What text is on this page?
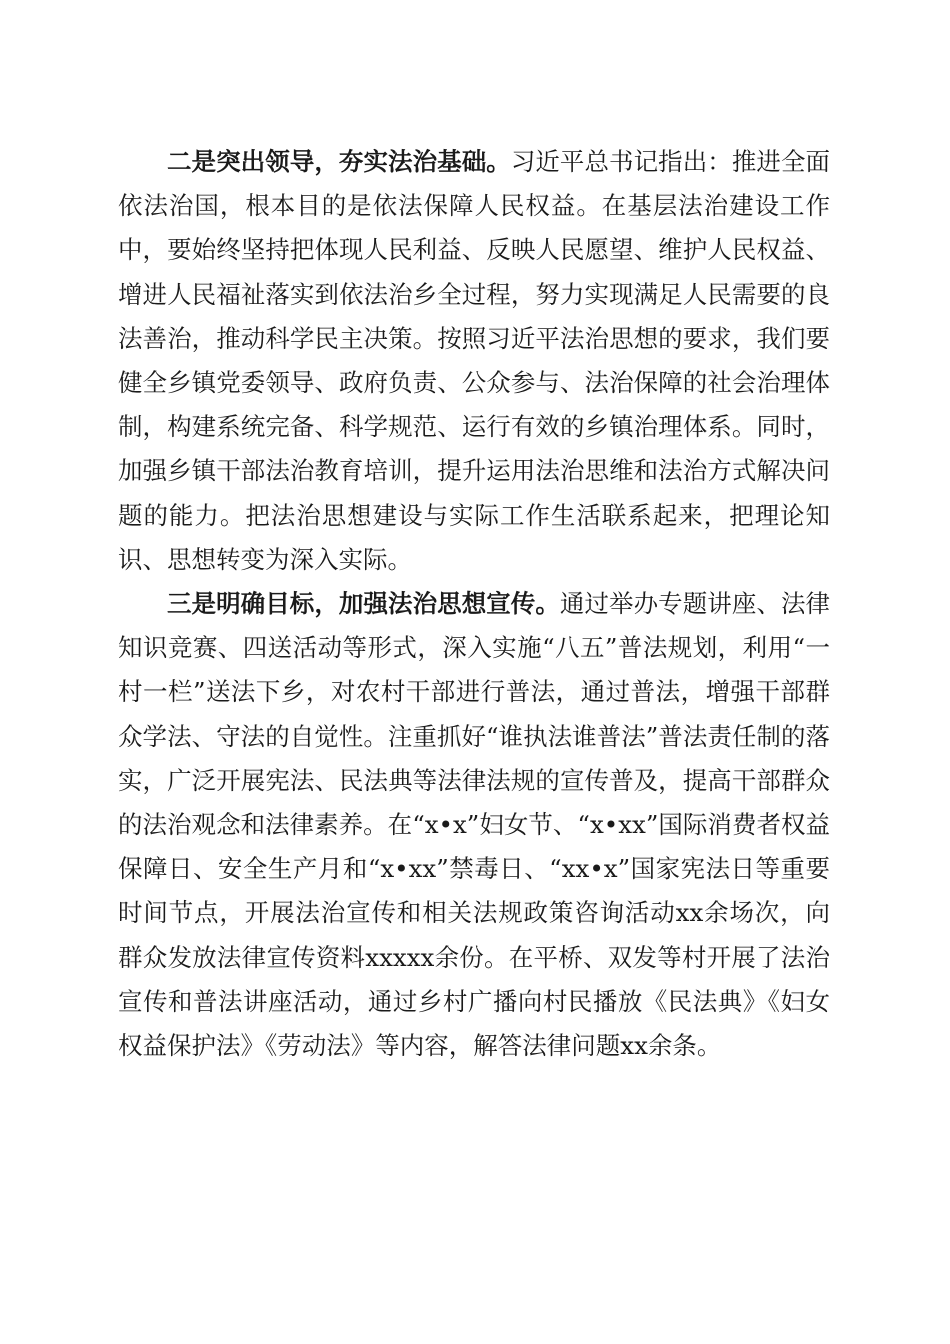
二是突出领导，夯实法治基础。习近平总书记指出：推进全面依法治国，根本目的是依法保障人民权益。在基层法治建设工作中，要始终坚持把体现人民利益、反映人民愿望、维护人民权益、增进人民福祉落实到依法治乡全过程，努力实现满足人民需要的良法善治，推动科学民主决策。按照习近平法治思想的要求，我们要健全乡镇党委领导、政府负责、公众参与、法治保障的社会治理体制，构建系统完备、科学规范、运行有效的乡镇治理体系。同时，加强乡镇干部法治教育培训，提升运用法治思维和法治方式解决问题的能力。把法治思想建设与实际工作生活联系起来，把理论知识、思想转变为深入实际。

三是明确目标，加强法治思想宣传。通过举办专题讲座、法律知识竞赛、四送活动等形式，深入实施“八五”普法规划，利用“一村一栏”送法下乡，对农村干部进行普法，通过普法，增强干部群众学法、守法的自觉性。注重抓好“谁执法谁普法”普法责任制的落实，广泛开展宪法、民法典等法律法规的宣传普及，提高干部群众的法治观念和法律素养。在“x•x”妇女节、“x•xx”国际消费者权益保障日、安全生产月和“x•xx”禁毒日、“xx•x”国家宪法日等重要时间节点，开展法治宣传和相关法规政策咨询活动xx余场次，向群众发放法律宣传资料xxxxx余份。在平桥、双发等村开展了法治宣传和普法讲座活动，通过乡村广播向村民播放《民法典》《妇女权益保护法》《劳动法》等内容，解答法律问题xx余条。
